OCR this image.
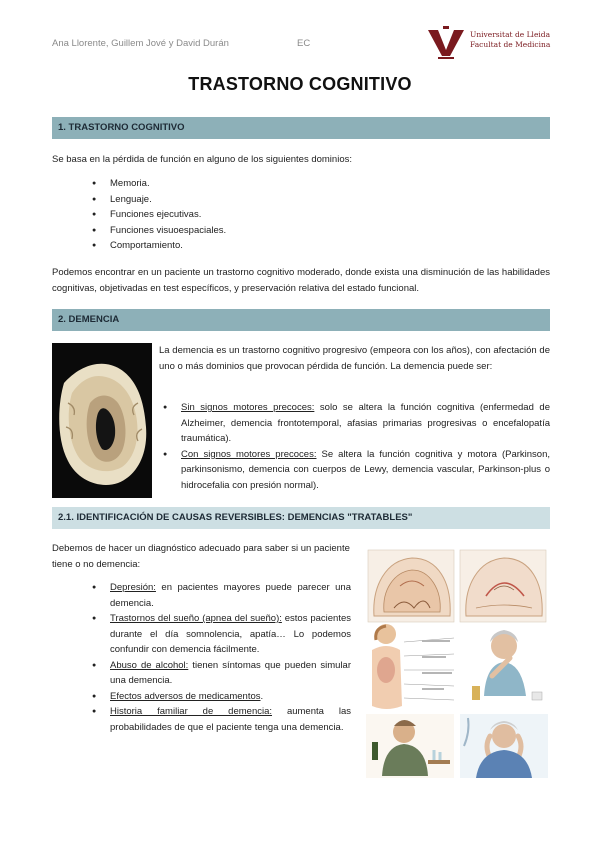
Ana Llorente, Guillem Jové y David Durán	EC
Universitat de Lleida
Facultat de Medicina
TRASTORNO COGNITIVO
1. TRASTORNO COGNITIVO

Se basa en la pérdida de función en alguno de los siguientes dominios:

● Memoria.
● Lenguaje.
● Funciones ejecutivas.
● Funciones visuoespaciales.
● Comportamiento.

Podemos encontrar en un paciente un trastorno cognitivo moderado, donde exista una disminución de las habilidades cognitivas, objetivadas en test específicos, y preservación relativa del estado funcional.

2. DEMENCIA

La demencia es un trastorno cognitivo progresivo (empeora con los años), con afectación de uno o más dominios que provocan pérdida de función. La demencia puede ser:

● Sin signos motores precoces: solo se altera la función cognitiva (enfermedad de Alzheimer, demencia frontotemporal, afasias primarias progresivas o encefalopatía traumática).
● Con signos motores precoces: Se altera la función cognitiva y motora (Parkinson, parkinsonismo, demencia con cuerpos de Lewy, demencia vascular, Parkinson-plus o hidrocefalia con presión normal).
2.1. IDENTIFICACIÓN DE CAUSAS REVERSIBLES: DEMENCIAS "TRATABLES"

Debemos de hacer un diagnóstico adecuado para saber si un paciente tiene o no demencia:

● Depresión: en pacientes mayores puede parecer una demencia.
● Trastornos del sueño (apnea del sueño): estos pacientes durante el día somnolencia, apatía… Lo podemos confundir con demencia fácilmente.
● Abuso de alcohol: tienen síntomas que pueden simular una demencia.
● Efectos adversos de medicamentos.
● Historia familiar de demencia: aumenta las probabilidades de que el paciente tenga una demencia.
